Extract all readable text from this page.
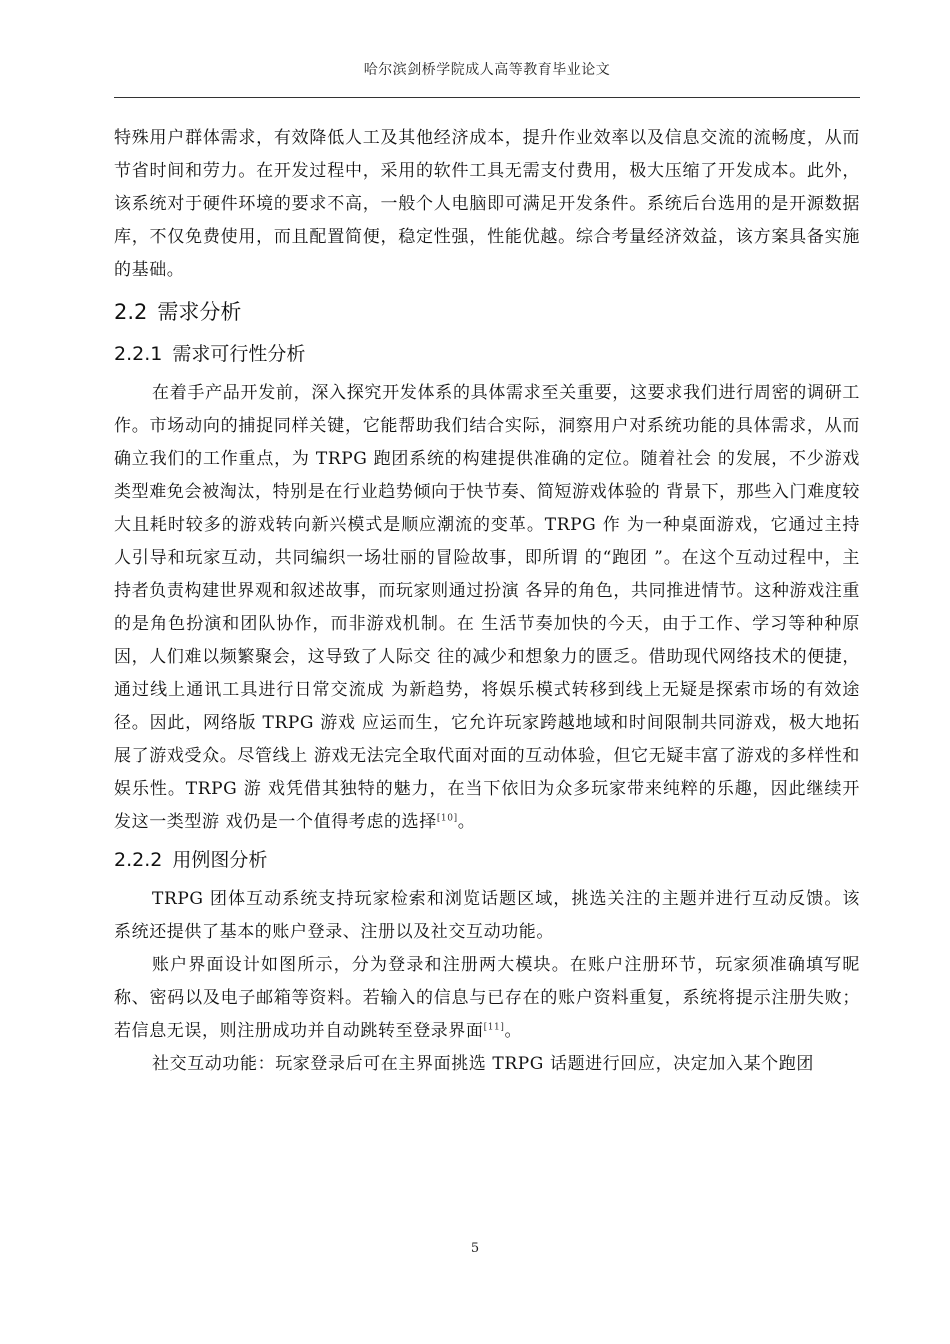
哈尔滨剑桥学院成人高等教育毕业论文

特殊用户群体需求，有效降低人工及其他经济成本，提升作业效率以及信息交流的流畅度，从而节省时间和劳力。在开发过程中，采用的软件工具无需支付费用，极大压缩了开发成本。此外，该系统对于硬件环境的要求不高，一般个人电脑即可满足开发条件。系统后台选用的是开源数据库，不仅免费使用，而且配置简便，稳定性强，性能优越。综合考量经济效益，该方案具备实施的基础。

2.2 需求分析
2.2.1 需求可行性分析

在着手产品开发前，深入探究开发体系的具体需求至关重要，这要求我们进行周密的调研工作。市场动向的捕捉同样关键，它能帮助我们结合实际，洞察用户对系统功能的具体需求，从而确立我们的工作重点，为 TRPG 跑团系统的构建提供准确的定位。随着社会 的发展，不少游戏类型难免会被淘汰，特别是在行业趋势倾向于快节奏、简短游戏体验的 背景下，那些入门难度较大且耗时较多的游戏转向新兴模式是顺应潮流的变革。TRPG 作 为一种桌面游戏，它通过主持人引导和玩家互动，共同编织一场壮丽的冒险故事，即所谓 的“跑团 ”。在这个互动过程中，主持者负责构建世界观和叙述故事，而玩家则通过扮演 各异的角色，共同推进情节。这种游戏注重的是角色扮演和团队协作，而非游戏机制。在 生活节奏加快的今天，由于工作、学习等种种原因，人们难以频繁聚会，这导致了人际交 往的减少和想象力的匮乏。借助现代网络技术的便捷，通过线上通讯工具进行日常交流成 为新趋势，将娱乐模式转移到线上无疑是探索市场的有效途径。因此，网络版 TRPG 游戏 应运而生，它允许玩家跨越地域和时间限制共同游戏，极大地拓展了游戏受众。尽管线上 游戏无法完全取代面对面的互动体验，但它无疑丰富了游戏的多样性和娱乐性。TRPG 游 戏凭借其独特的魅力，在当下依旧为众多玩家带来纯粹的乐趣，因此继续开发这一类型游 戏仍是一个值得考虑的选择[10]。

2.2.2 用例图分析

TRPG 团体互动系统支持玩家检索和浏览话题区域，挑选关注的主题并进行互动反馈。该系统还提供了基本的账户登录、注册以及社交互动功能。

账户界面设计如图所示，分为登录和注册两大模块。在账户注册环节，玩家须准确填写昵称、密码以及电子邮箱等资料。若输入的信息与已存在的账户资料重复，系统将提示注册失败；若信息无误，则注册成功并自动跳转至登录界面[11]。

社交互动功能：玩家登录后可在主界面挑选 TRPG 话题进行回应，决定加入某个跑团

5
